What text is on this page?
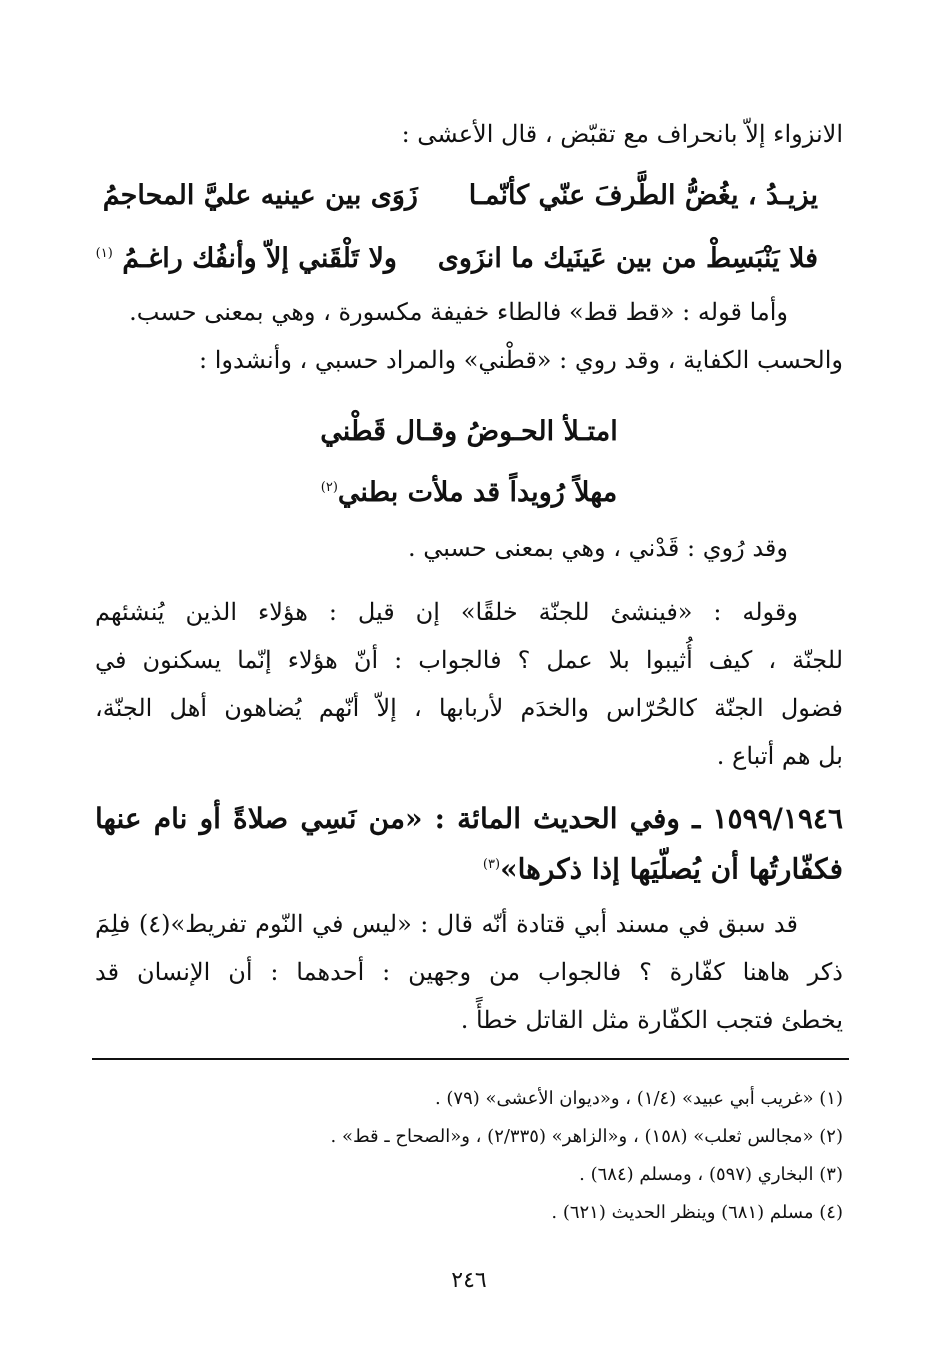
الانزواء إلاّ بانحراف مع تقبّض ، قال الأعشى :
يزيـدُ ، يغُضُّ الطَّرفَ عنّي كأنّمـا  زَوَى بين عينيه عليَّ المحاجمُ
فلا يَنْبَسِطْ من بين عَينَيك ما انزَوى  ولا تَلْقَني إلاّ وأنفُك راغـمُ $^{(١)}$
وأما قوله : «قط قط» فالطاء خفيفة مكسورة ، وهي بمعنى حسب.
والحسب الكفاية ، وقد روي : «قطْني» والمراد حسبي ، وأنشدوا :
امتـلأ الحـوضُ وقـال قَطْني
مهلاً رُويداً قد ملأت بطني$^{(٢)}$
وقد رُوي : قَدْني ، وهي بمعنى حسبي .
وقوله : «فينشئ للجنّة خلقًا» إن قيل : هؤلاء الذين يُنشئهم
للجنّة ، كيف أُثيبوا بلا عمل ؟ فالجواب : أنّ هؤلاء إنّما يسكنون في
فضول الجنّة كالحُرّاس والخدَم لأربابها ، إلاّ أنّهم يُضاهون أهل الجنّة،
بل هم أتباع .
١٥٩٩/١٩٤٦ ـ وفي الحديث المائة : «من نَسِي صلاةً أو نام عنها
فكفّارتُها أن يُصلّيَها إذا ذكرها»$^{(٣)}$
قد سبق في مسند أبي قتادة أنّه قال : «ليس في النّوم تفريط»(٤) فلِمَ
ذكر هاهنا كفّارة ؟ فالجواب من وجهين : أحدهما : أن الإنسان قد
يخطئ فتجب الكفّارة مثل القاتل خطأً .
(١) «غريب أبي عبيد» (١/٤) ، و«ديوان الأعشى» (٧٩) .
(٢) «مجالس ثعلب» (١٥٨) ، و«الزاهر» (٢/٣٣٥) ، و«الصحاح ـ قط» .
(٣) البخاري (٥٩٧) ، ومسلم (٦٨٤) .
(٤) مسلم (٦٨١) وينظر الحديث (٦٢١) .
٢٤٦
